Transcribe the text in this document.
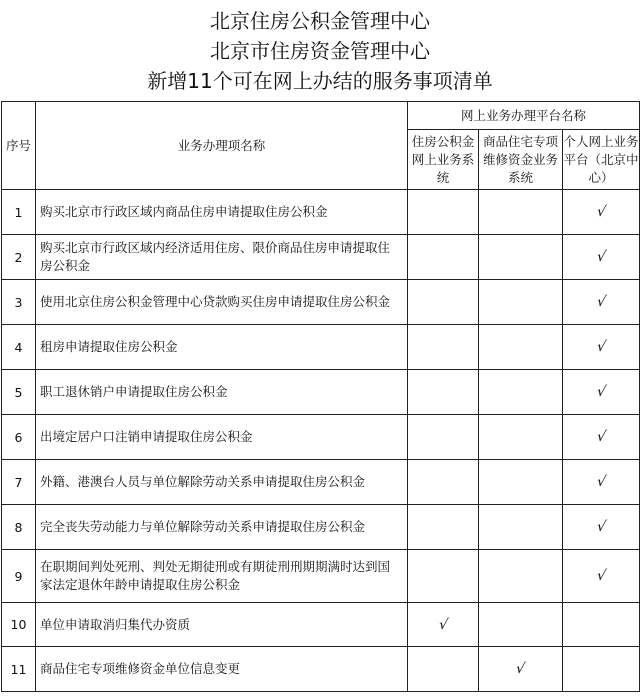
北京住房公积金管理中心
北京市住房资金管理中心
新增11个可在网上办结的服务事项清单
序号	业务办理项名称	网上业务办理平台名称		
		住房公积金网上业务系统	商品住宅专项维修资金业务系统	个人网上业务平台（北京中心）
1	购买北京市行政区域内商品住房申请提取住房公积金			√
2	购买北京市行政区域内经济适用住房、限价商品住房申请提取住房公积金			√
3	使用北京住房公积金管理中心贷款购买住房申请提取住房公积金			√
4	租房申请提取住房公积金			√
5	职工退休销户申请提取住房公积金			√
6	出境定居户口注销申请提取住房公积金			√
7	外籍、港澳台人员与单位解除劳动关系申请提取住房公积金			√
8	完全丧失劳动能力与单位解除劳动关系申请提取住房公积金			√
9	在职期间判处死刑、判处无期徒刑或有期徒刑刑期期满时达到国家法定退休年龄申请提取住房公积金			√
10	单位申请取消归集代办资质	√		
11	商品住宅专项维修资金单位信息变更		√	
